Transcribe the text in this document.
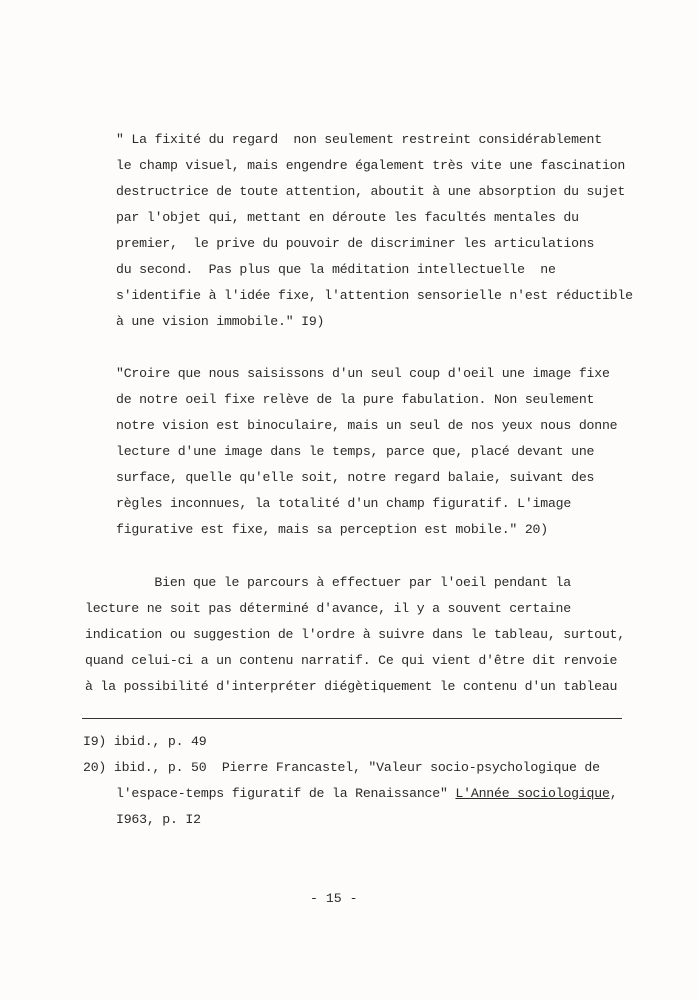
" La fixité du regard  non seulement restreint considérablement
le champ visuel, mais engendre également très vite une fascination
destructrice de toute attention, aboutit à une absorption du sujet
par l'objet qui, mettant en déroute les facultés mentales du
premier,  le prive du pouvoir de discriminer les articulations
du second.  Pas plus que la méditation intellectuelle  ne
s'identifie à l'idée fixe, l'attention sensorielle n'est réductible
à une vision immobile." I9)
"Croire que nous saisissons d'un seul coup d'oeil une image fixe
de notre oeil fixe relève de la pure fabulation. Non seulement
notre vision est binoculaire, mais un seul de nos yeux nous donne
lecture d'une image dans le temps, parce que, placé devant une
surface, quelle qu'elle soit, notre regard balaie, suivant des
règles inconnues, la totalité d'un champ figuratif. L'image
figurative est fixe, mais sa perception est mobile." 20)
Bien que le parcours à effectuer par l'oeil pendant la
lecture ne soit pas déterminé d'avance, il y a souvent certaine
indication ou suggestion de l'ordre à suivre dans le tableau, surtout,
quand celui-ci a un contenu narratif. Ce qui vient d'être dit renvoie
à la possibilité d'interpréter diégètiquement le contenu d'un tableau
I9) ibid., p. 49
20) ibid., p. 50  Pierre Francastel, "Valeur socio-psychologique de
l'espace-temps figuratif de la Renaissance" L'Année sociologique,
I963, p. I2
- 15 -
